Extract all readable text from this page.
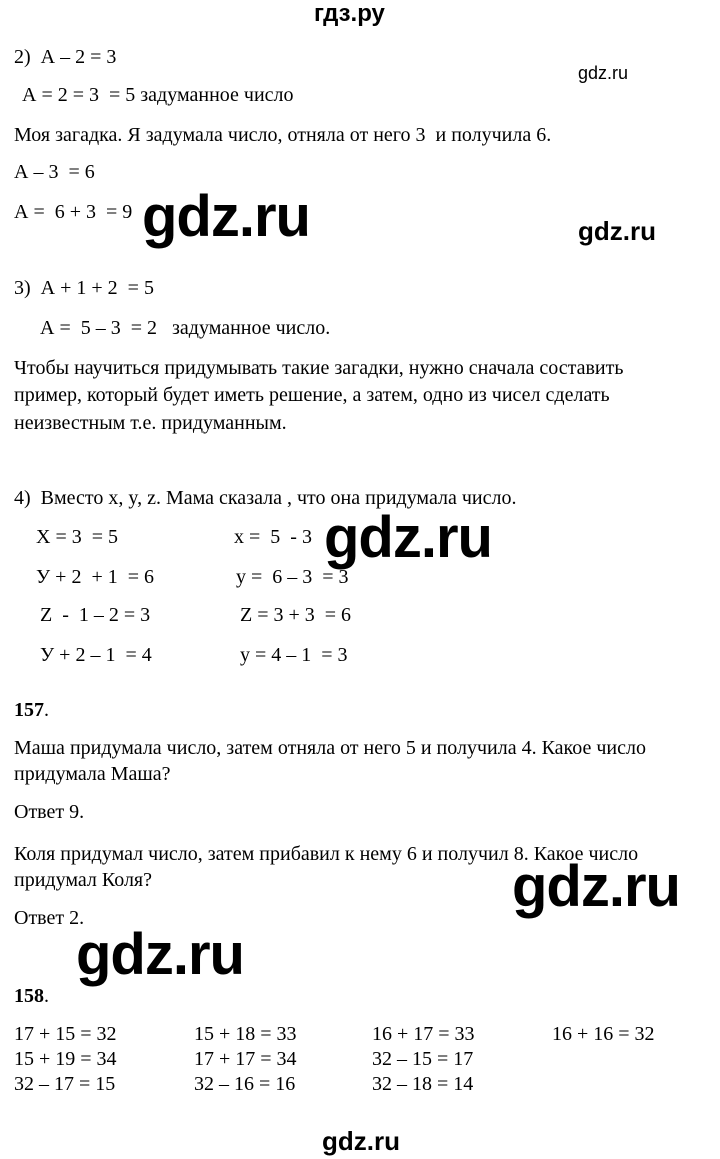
гдз.ру
2)  А – 2 = 3
gdz.ru
А = 2 = 3  = 5 задуманное число
Моя загадка. Я задумала число, отняла от него 3  и получила 6.
А – 3  = 6
А =  6 + 3  = 9 gdz.ru	gdz.ru
3)  А + 1 + 2  = 5
А =  5 – 3  = 2   задуманное число.
Чтобы научиться придумывать такие загадки, нужно сначала составить
пример, который будет иметь решение, а затем, одно из чисел сделать
неизвестным т.е. придуманным.
4)  Вместо x, y, z. Мама сказала , что она придумала число.
Х = 3  = 5	х =  5  - 3 gdz.ru
У + 2  + 1  = 6	у =  6 – 3  = 3
Z  -  1 – 2 = 3	Z = 3 + 3  = 6
У + 2 – 1  = 4	у = 4 – 1  = 3
157.
Маша придумала число, затем отняла от него 5 и получила 4. Какое число
придумала Маша?
Ответ 9.
Коля придумал число, затем прибавил к нему 6 и получил 8. Какое число
придумал Коля?	gdz.ru
Ответ 2.
gdz.ru
158.
17 + 15 = 32	15 + 18 = 33	16 + 17 = 33	16 + 16 = 32
15 + 19 = 34	17 + 17 = 34	32 – 15 = 17
32 – 17 = 15	32 – 16 = 16	32 – 18 = 14
gdz.ru
